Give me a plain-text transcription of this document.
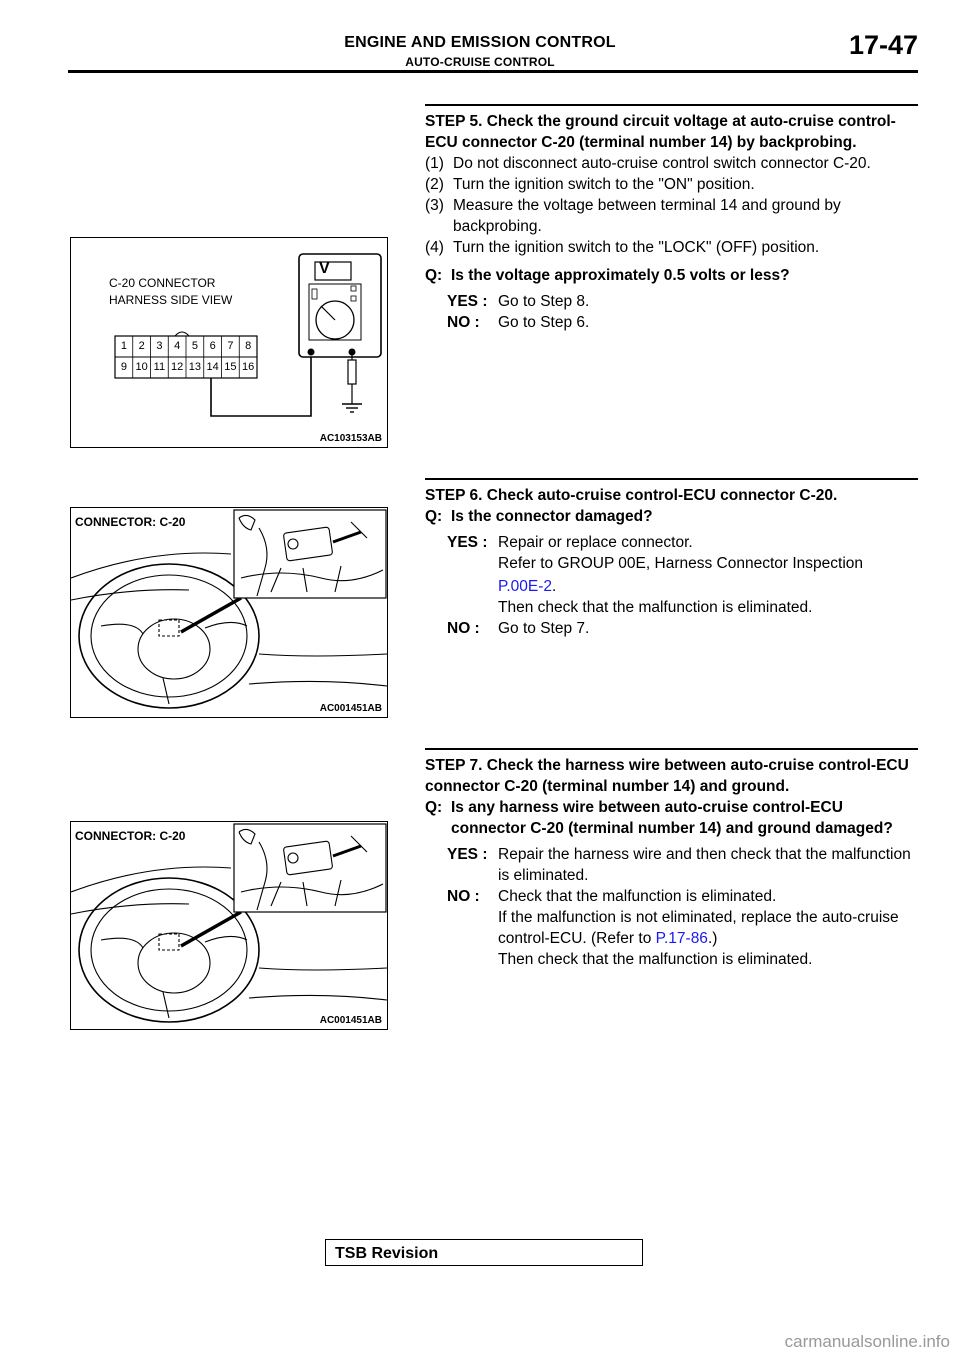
ENGINE AND EMISSION CONTROL
AUTO-CRUISE CONTROL
17-47
C-20 CONNECTOR
HARNESS SIDE VIEW
V
1	2	3	4	5	6	7	8
9 10 11 12 13 14 15 16
AC103153AB
CONNECTOR: C-20
AC001451AB
CONNECTOR: C-20
AC001451AB

STEP 5. Check the ground circuit voltage at auto-cruise control-ECU connector C-20 (terminal number 14) by backprobing.

(1) Do not disconnect auto-cruise control switch connector C-20.
(2) Turn the ignition switch to the "ON" position.
(3) Measure the voltage between terminal 14 and ground by backprobing.
(4) Turn the ignition switch to the "LOCK" (OFF) position.
Q: Is the voltage approximately 0.5 volts or less?
YES : Go to Step 8.
NO : Go to Step 6.

STEP 6. Check auto-cruise control-ECU connector C-20.

Q: Is the connector damaged?
YES : Repair or replace connector.
Refer to GROUP 00E, Harness Connector Inspection
P.00E-2.
Then check that the malfunction is eliminated.
NO : Go to Step 7.

STEP 7. Check the harness wire between auto-cruise control-ECU connector C-20 (terminal number 14) and ground.

Q: Is any harness wire between auto-cruise control-ECU connector C-20 (terminal number 14) and ground damaged?
YES : Repair the harness wire and then check that the malfunction is eliminated.
NO : Check that the malfunction is eliminated.
If the malfunction is not eliminated, replace the auto-cruise control-ECU. (Refer to P.17-86.)
Then check that the malfunction is eliminated.
TSB Revision
carmanualsonline.info
